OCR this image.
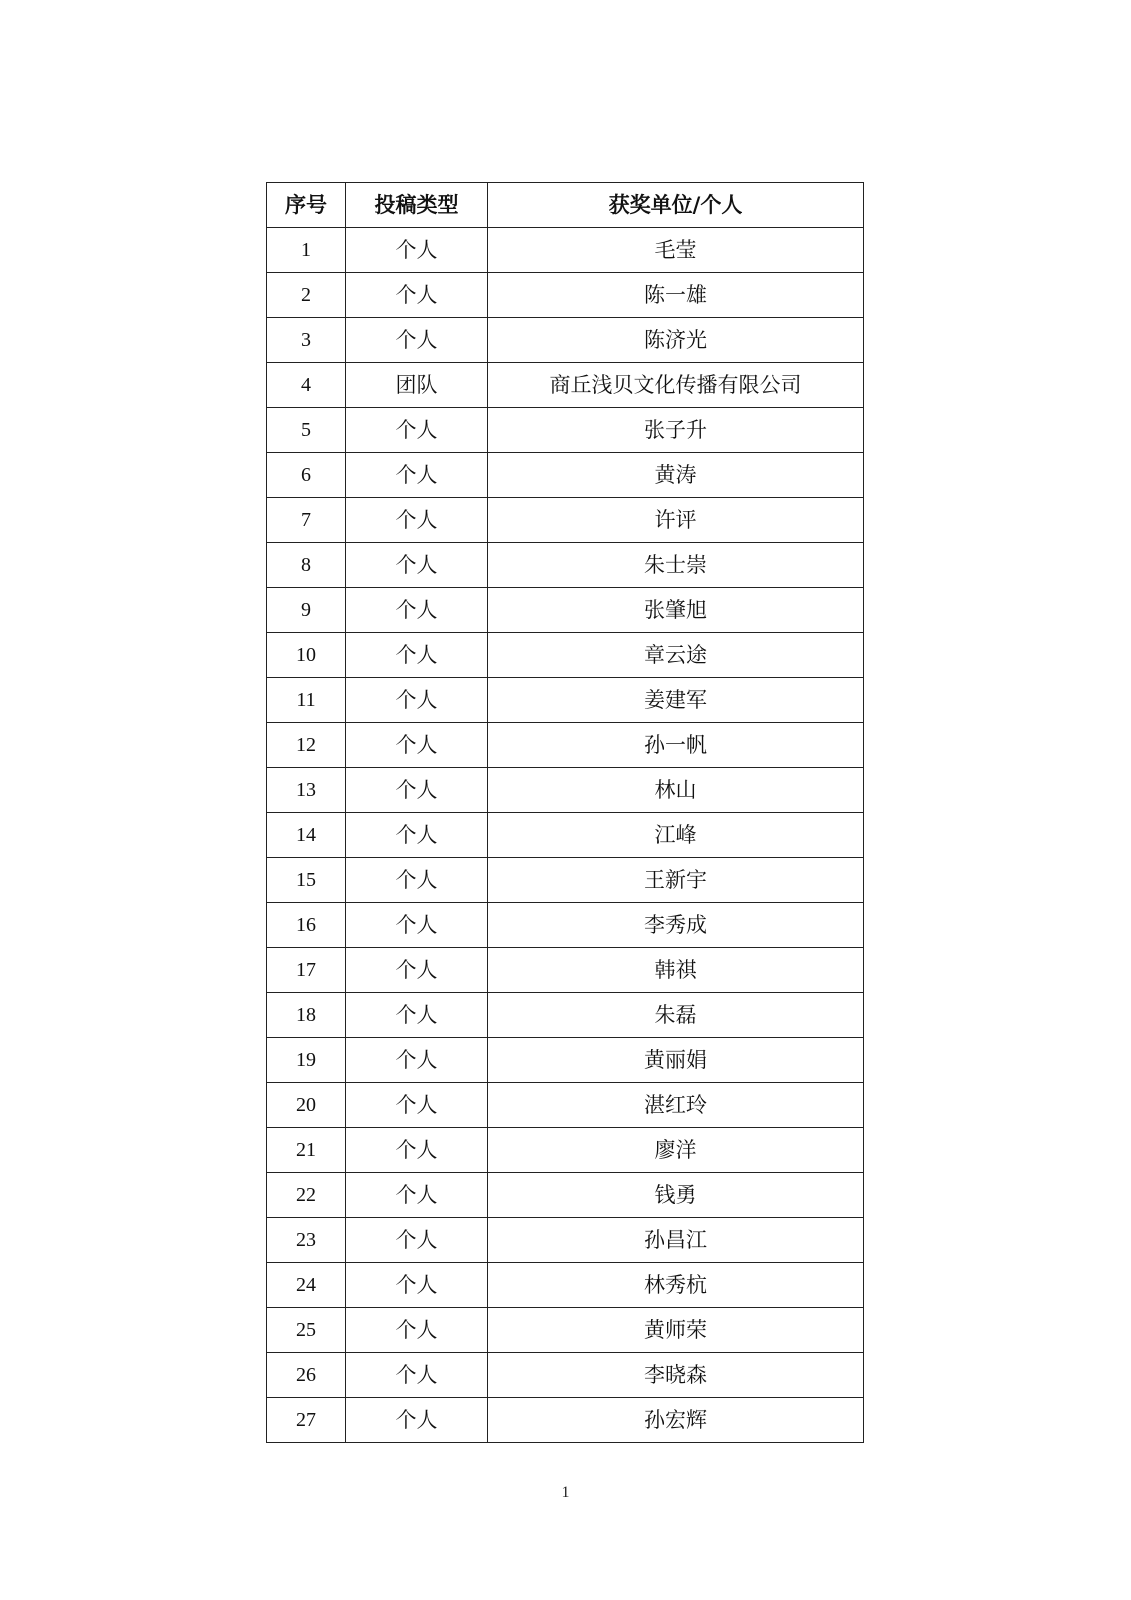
序号	投稿类型	获奖单位/个人
1	个人	毛莹
2	个人	陈一雄
3	个人	陈济光
4	团队	商丘浅贝文化传播有限公司
5	个人	张子升
6	个人	黄涛
7	个人	许评
8	个人	朱士崇
9	个人	张肇旭
10	个人	章云途
11	个人	姜建军
12	个人	孙一帆
13	个人	林山
14	个人	江峰
15	个人	王新宇
16	个人	李秀成
17	个人	韩祺
18	个人	朱磊
19	个人	黄丽娟
20	个人	湛红玲
21	个人	廖洋
22	个人	钱勇
23	个人	孙昌江
24	个人	林秀杭
25	个人	黄师荣
26	个人	李晓森
27	个人	孙宏辉
1
